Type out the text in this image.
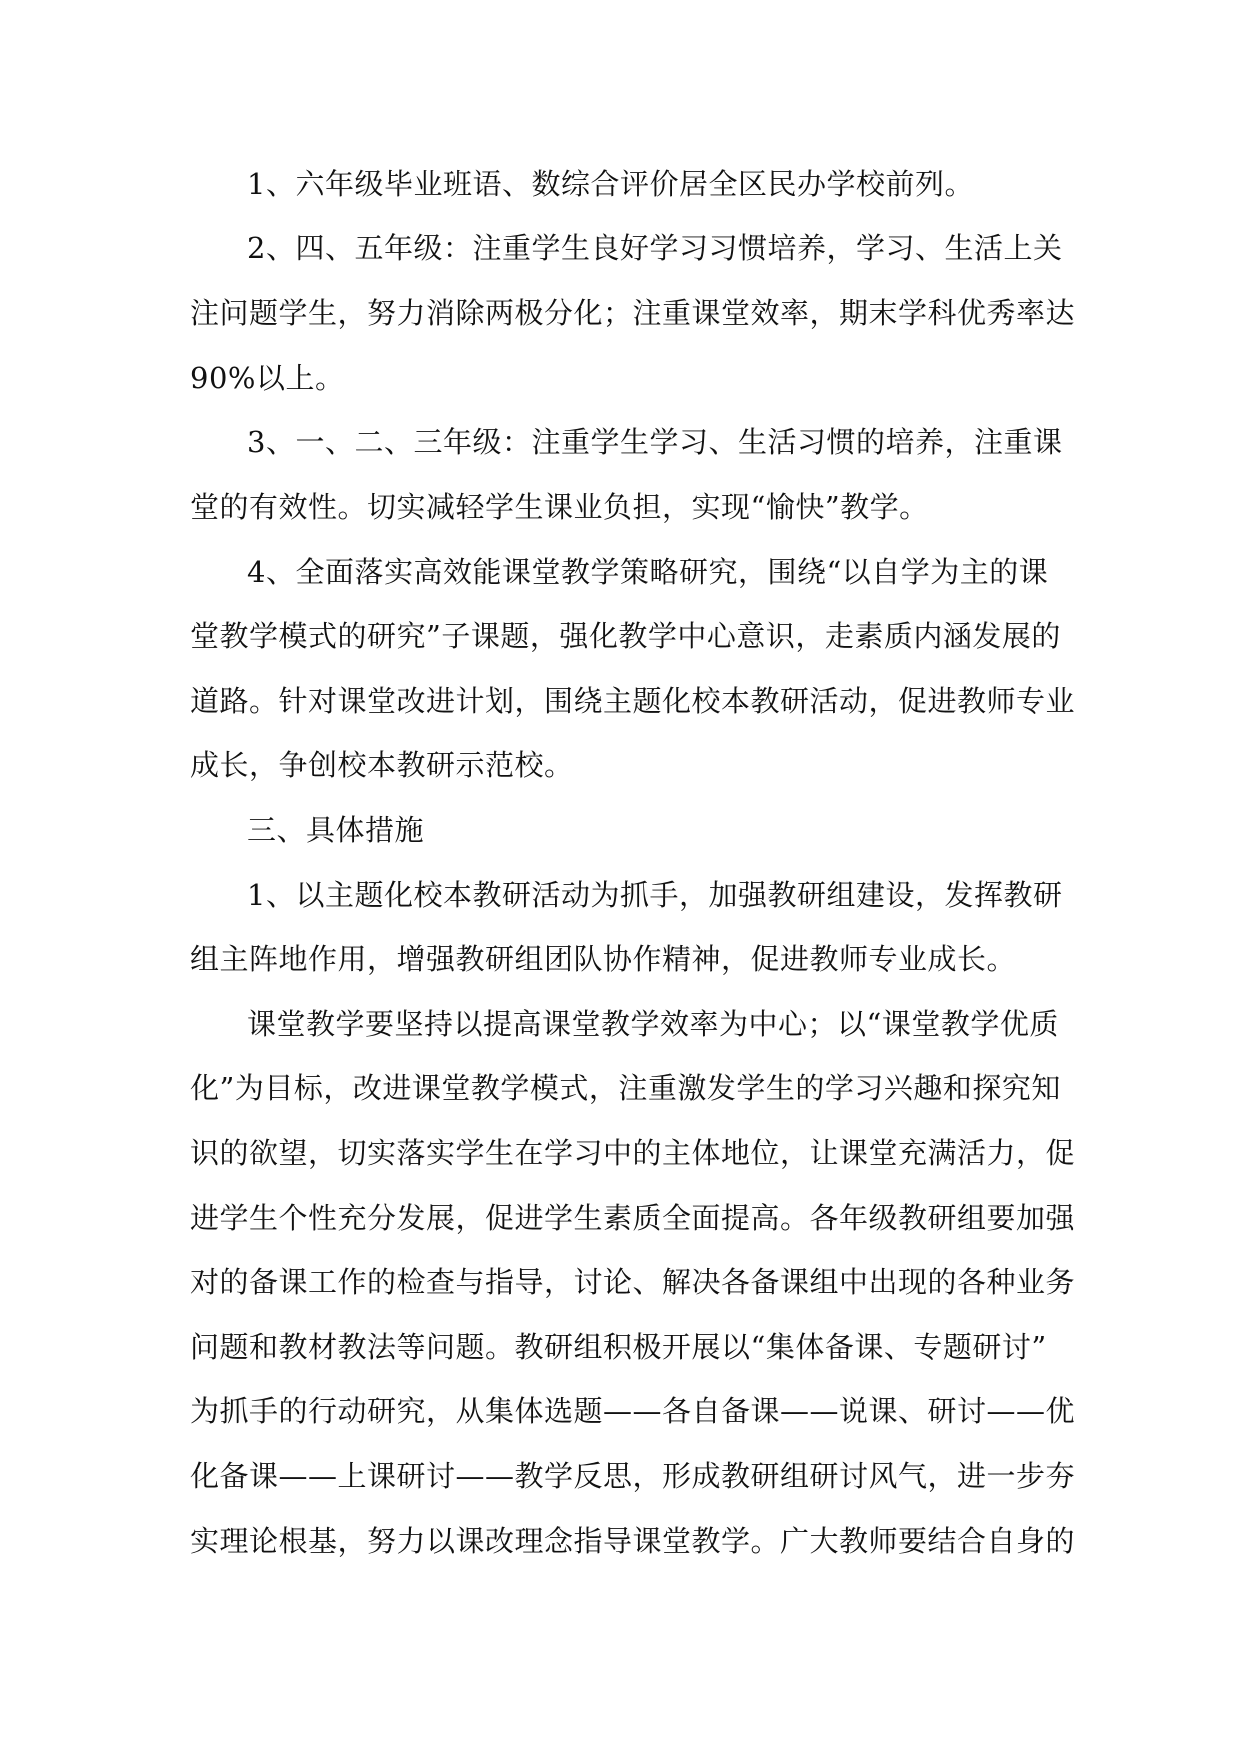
1、六年级毕业班语、数综合评价居全区民办学校前列。

2、四、五年级：注重学生良好学习习惯培养，学习、生活上关

注问题学生，努力消除两极分化；注重课堂效率，期末学科优秀率达

90%以上。

3、一、二、三年级：注重学生学习、生活习惯的培养，注重课

堂的有效性。切实减轻学生课业负担，实现“愉快”教学。

4、全面落实高效能课堂教学策略研究，围绕“以自学为主的课

堂教学模式的研究”子课题，强化教学中心意识，走素质内涵发展的

道路。针对课堂改进计划，围绕主题化校本教研活动，促进教师专业

成长，争创校本教研示范校。

三、具体措施

1、以主题化校本教研活动为抓手，加强教研组建设，发挥教研

组主阵地作用，增强教研组团队协作精神，促进教师专业成长。

课堂教学要坚持以提高课堂教学效率为中心；以“课堂教学优质

化”为目标，改进课堂教学模式，注重激发学生的学习兴趣和探究知

识的欲望，切实落实学生在学习中的主体地位，让课堂充满活力，促

进学生个性充分发展，促进学生素质全面提高。各年级教研组要加强

对的备课工作的检查与指导，讨论、解决各备课组中出现的各种业务

问题和教材教法等问题。教研组积极开展以“集体备课、专题研讨”

为抓手的行动研究，从集体选题——各自备课——说课、研讨——优

化备课——上课研讨——教学反思，形成教研组研讨风气，进一步夯

实理论根基，努力以课改理念指导课堂教学。广大教师要结合自身的
